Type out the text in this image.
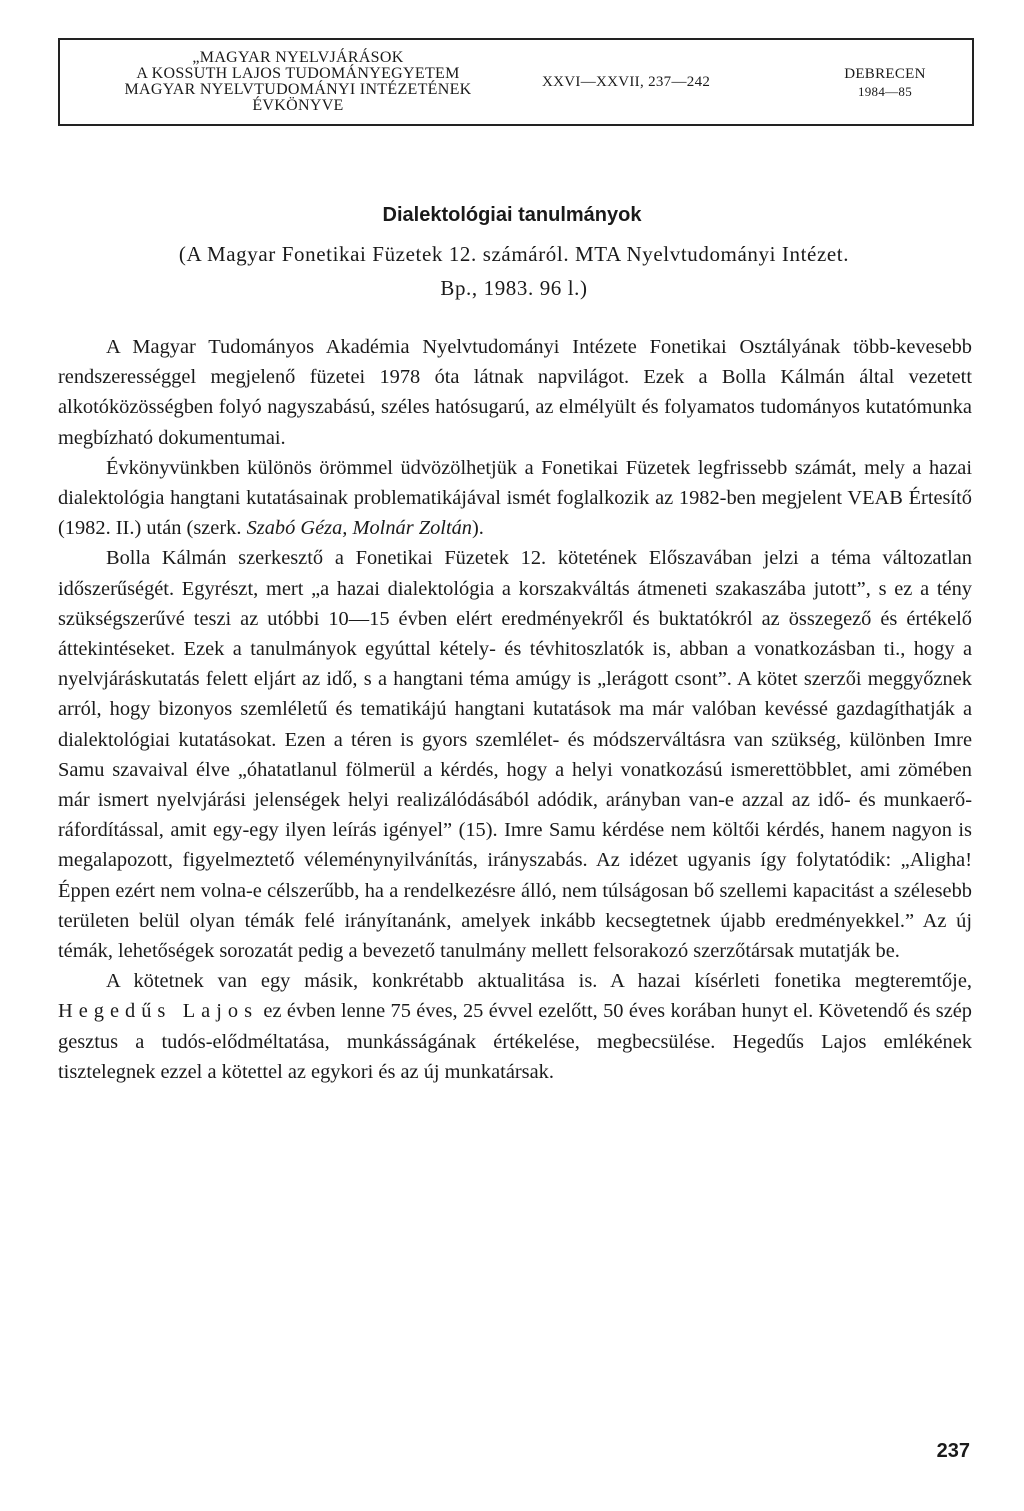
„MAGYAR NYELVJÁRÁSOK
A KOSSUTH LAJOS TUDOMÁNYEGYETEM
MAGYAR NYELVTUDOMÁNYI INTÉZETÉNEK
ÉVKÖNYVE
XXVI—XXVII, 237—242	DEBRECEN
1984—85
Dialektológiai tanulmányok
(A Magyar Fonetikai Füzetek 12. számáról. MTA Nyelvtudományi Intézet.
Bp., 1983. 96 l.)

A Magyar Tudományos Akadémia Nyelvtudományi Intézete Fonetikai Osztályának több-kevesebb rendszerességgel megjelenő füzetei 1978 óta látnak napvilágot. Ezek a Bolla Kálmán által vezetett alkotóközösségben folyó nagyszabású, széles hatósugarú, az elmélyült és folyamatos tudományos kutatómunka megbízható dokumentumai.

Évkönyvünkben különös örömmel üdvözölhetjük a Fonetikai Füzetek legfrissebb számát, mely a hazai dialektológia hangtani kutatásainak problematikájával ismét foglalkozik az 1982-ben megjelent VEAB Értesítő (1982. II.) után (szerk. Szabó Géza, Molnár Zoltán).

Bolla Kálmán szerkesztő a Fonetikai Füzetek 12. kötetének Előszavában jelzi a téma változatlan időszerűségét. Egyrészt, mert „a hazai dialektológia a korszakváltás átmeneti szakaszába jutott”, s ez a tény szükségszerűvé teszi az utóbbi 10—15 évben elért eredményekről és buktatókról az összegező és értékelő áttekintéseket. Ezek a tanulmányok egyúttal kétely- és tévhitoszlatók is, abban a vonatkozásban ti., hogy a nyelvjáráskutatás felett eljárt az idő, s a hangtani téma amúgy is „lerágott csont”. A kötet szerzői meggyőznek arról, hogy bizonyos szemléletű és tematikájú hangtani kutatások ma már valóban kevéssé gazdagíthatják a dialektológiai kutatásokat. Ezen a téren is gyors szemlélet- és módszerváltásra van szükség, különben Imre Samu szavaival élve „óhatatlanul fölmerül a kérdés, hogy a helyi vonatkozású ismerettöbblet, ami zömében már ismert nyelvjárási jelenségek helyi realizálódásából adódik, arányban van-e azzal az idő- és munkaerő-ráfordítással, amit egy-egy ilyen leírás igényel” (15). Imre Samu kérdése nem költői kérdés, hanem nagyon is megalapozott, figyelmeztető véleménynyilvánítás, irányszabás. Az idézet ugyanis így folytatódik: „Aligha! Éppen ezért nem volna-e célszerűbb, ha a rendelkezésre álló, nem túlságosan bő szellemi kapacitást a szélesebb területen belül olyan témák felé irányítanánk, amelyek inkább kecsegtetnek újabb eredményekkel.” Az új témák, lehetőségek sorozatát pedig a bevezető tanulmány mellett felsorakozó szerzőtársak mutatják be.

A kötetnek van egy másik, konkrétabb aktualitása is. A hazai kísérleti fonetika megteremtője, Hegedűs Lajos ez évben lenne 75 éves, 25 évvel ezelőtt, 50 éves korában hunyt el. Követendő és szép gesztus a tudós-elődméltatása, munkásságának értékelése, megbecsülése. Hegedűs Lajos emlékének tisztelegnek ezzel a kötettel az egykori és az új munkatársak.

237
